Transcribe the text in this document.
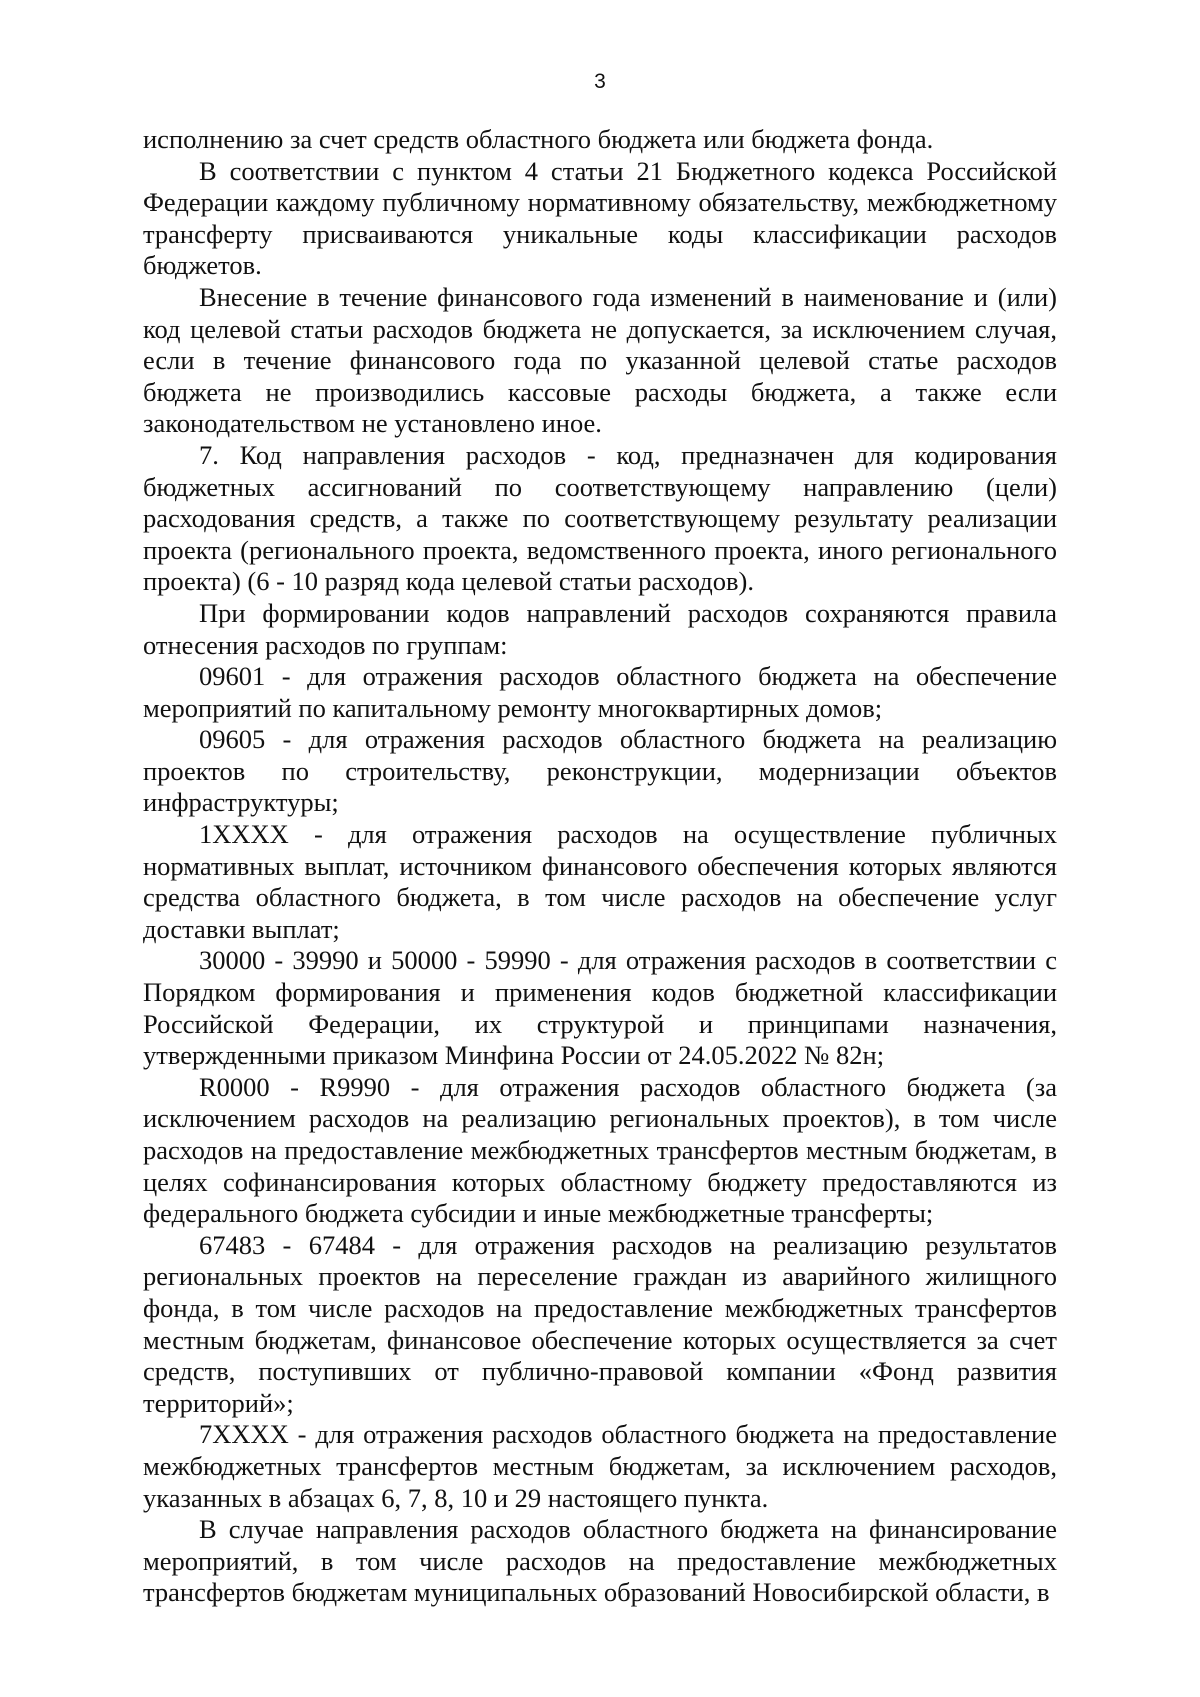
3

исполнению за счет средств областного бюджета или бюджета фонда.

В соответствии с пунктом 4 статьи 21 Бюджетного кодекса Российской Федерации каждому публичному нормативному обязательству, межбюджетному трансферту присваиваются уникальные коды классификации расходов бюджетов.

Внесение в течение финансового года изменений в наименование и (или) код целевой статьи расходов бюджета не допускается, за исключением случая, если в течение финансового года по указанной целевой статье расходов бюджета не производились кассовые расходы бюджета, а также если законодательством не установлено иное.

7. Код направления расходов - код, предназначен для кодирования бюджетных ассигнований по соответствующему направлению (цели) расходования средств, а также по соответствующему результату реализации проекта (регионального проекта, ведомственного проекта, иного регионального проекта) (6 - 10 разряд кода целевой статьи расходов).

При формировании кодов направлений расходов сохраняются правила отнесения расходов по группам:

09601 - для отражения расходов областного бюджета на обеспечение мероприятий по капитальному ремонту многоквартирных домов;

09605 - для отражения расходов областного бюджета на реализацию проектов по строительству, реконструкции, модернизации объектов инфраструктуры;

1XXXX - для отражения расходов на осуществление публичных нормативных выплат, источником финансового обеспечения которых являются средства областного бюджета, в том числе расходов на обеспечение услуг доставки выплат;

30000 - 39990 и 50000 - 59990 - для отражения расходов в соответствии с Порядком формирования и применения кодов бюджетной классификации Российской Федерации, их структурой и принципами назначения, утвержденными приказом Минфина России от 24.05.2022 № 82н;

R0000 - R9990 - для отражения расходов областного бюджета (за исключением расходов на реализацию региональных проектов), в том числе расходов на предоставление межбюджетных трансфертов местным бюджетам, в целях софинансирования которых областному бюджету предоставляются из федерального бюджета субсидии и иные межбюджетные трансферты;

67483 - 67484 - для отражения расходов на реализацию результатов региональных проектов на переселение граждан из аварийного жилищного фонда, в том числе расходов на предоставление межбюджетных трансфертов местным бюджетам, финансовое обеспечение которых осуществляется за счет средств, поступивших от публично-правовой компании «Фонд развития территорий»;

7XXXX - для отражения расходов областного бюджета на предоставление межбюджетных трансфертов местным бюджетам, за исключением расходов, указанных в абзацах 6, 7, 8, 10 и 29 настоящего пункта.

В случае направления расходов областного бюджета на финансирование мероприятий, в том числе расходов на предоставление межбюджетных трансфертов бюджетам муниципальных образований Новосибирской области, в
